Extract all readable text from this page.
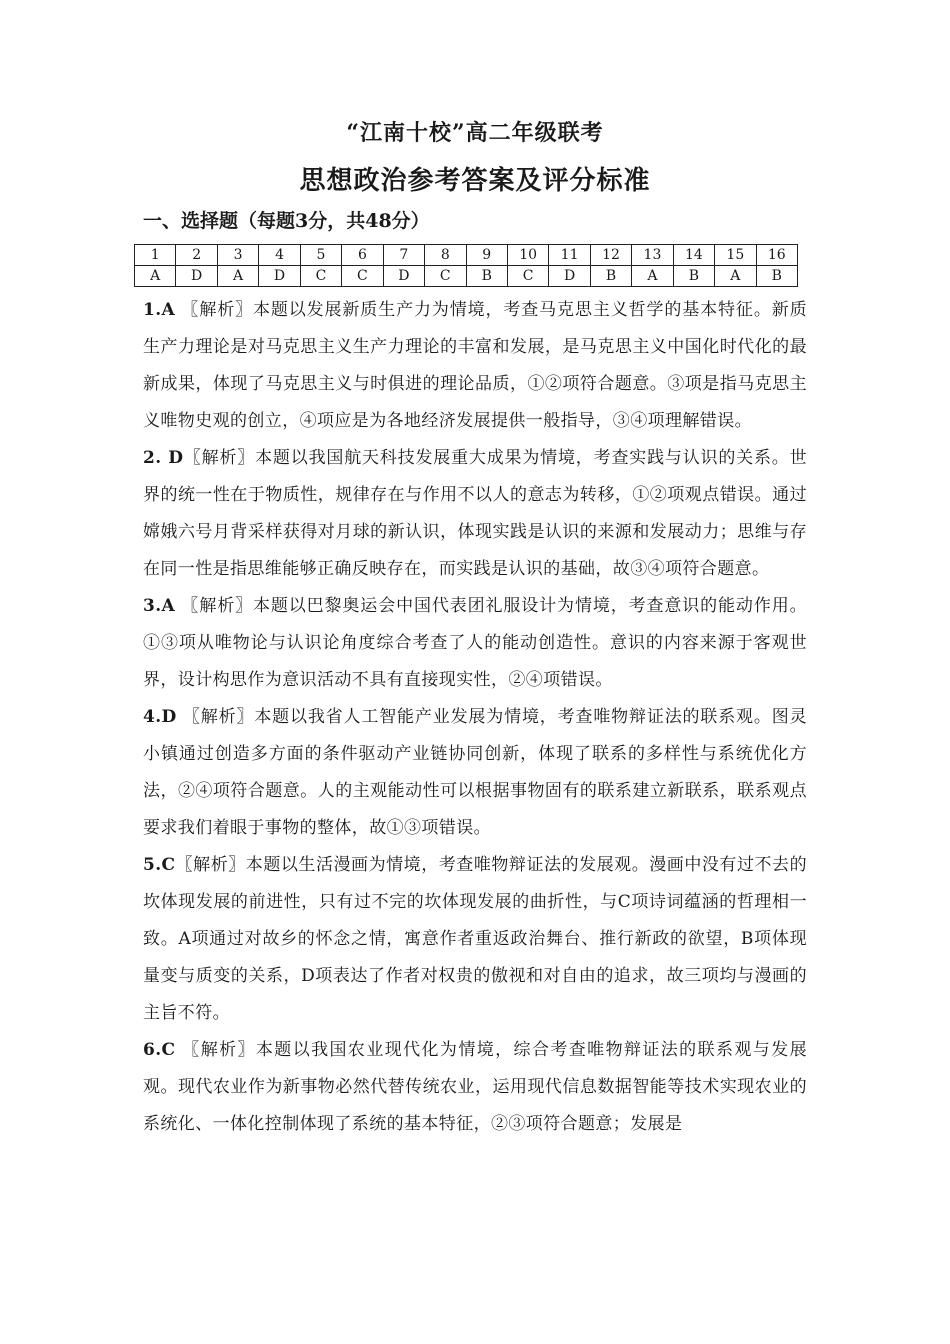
“江南十校”高二年级联考
思想政治参考答案及评分标准
一、选择题（每题3分，共48分）
1	2	3	4	5	6	7	8	9	10	11	12	13	14	15	16
A	D	A	D	C	C	D	C	B	C	D	B	A	B	A	B

1.A 〖解析〗本题以发展新质生产力为情境，考查马克思主义哲学的基本特征。新质生产力理论是对马克思主义生产力理论的丰富和发展，是马克思主义中国化时代化的最新成果，体现了马克思主义与时俱进的理论品质，①②项符合题意。③项是指马克思主义唯物史观的创立，④项应是为各地经济发展提供一般指导，③④项理解错误。

2. D〖解析〗本题以我国航天科技发展重大成果为情境，考查实践与认识的关系。世界的统一性在于物质性，规律存在与作用不以人的意志为转移，①②项观点错误。通过嫦娥六号月背采样获得对月球的新认识，体现实践是认识的来源和发展动力；思维与存在同一性是指思维能够正确反映存在，而实践是认识的基础，故③④项符合题意。

3.A 〖解析〗本题以巴黎奥运会中国代表团礼服设计为情境，考查意识的能动作用。①③项从唯物论与认识论角度综合考查了人的能动创造性。意识的内容来源于客观世界，设计构思作为意识活动不具有直接现实性，②④项错误。

4.D 〖解析〗本题以我省人工智能产业发展为情境，考查唯物辩证法的联系观。图灵小镇通过创造多方面的条件驱动产业链协同创新，体现了联系的多样性与系统优化方法，②④项符合题意。人的主观能动性可以根据事物固有的联系建立新联系，联系观点要求我们着眼于事物的整体，故①③项错误。

5.C〖解析〗本题以生活漫画为情境，考查唯物辩证法的发展观。漫画中没有过不去的坎体现发展的前进性，只有过不完的坎体现发展的曲折性，与C项诗词蕴涵的哲理相一致。A项通过对故乡的怀念之情，寓意作者重返政治舞台、推行新政的欲望，B项体现量变与质变的关系，D项表达了作者对权贵的傲视和对自由的追求，故三项均与漫画的主旨不符。

6.C 〖解析〗本题以我国农业现代化为情境，综合考查唯物辩证法的联系观与发展观。现代农业作为新事物必然代替传统农业，运用现代信息数据智能等技术实现农业的系统化、一体化控制体现了系统的基本特征，②③项符合题意；发展是
